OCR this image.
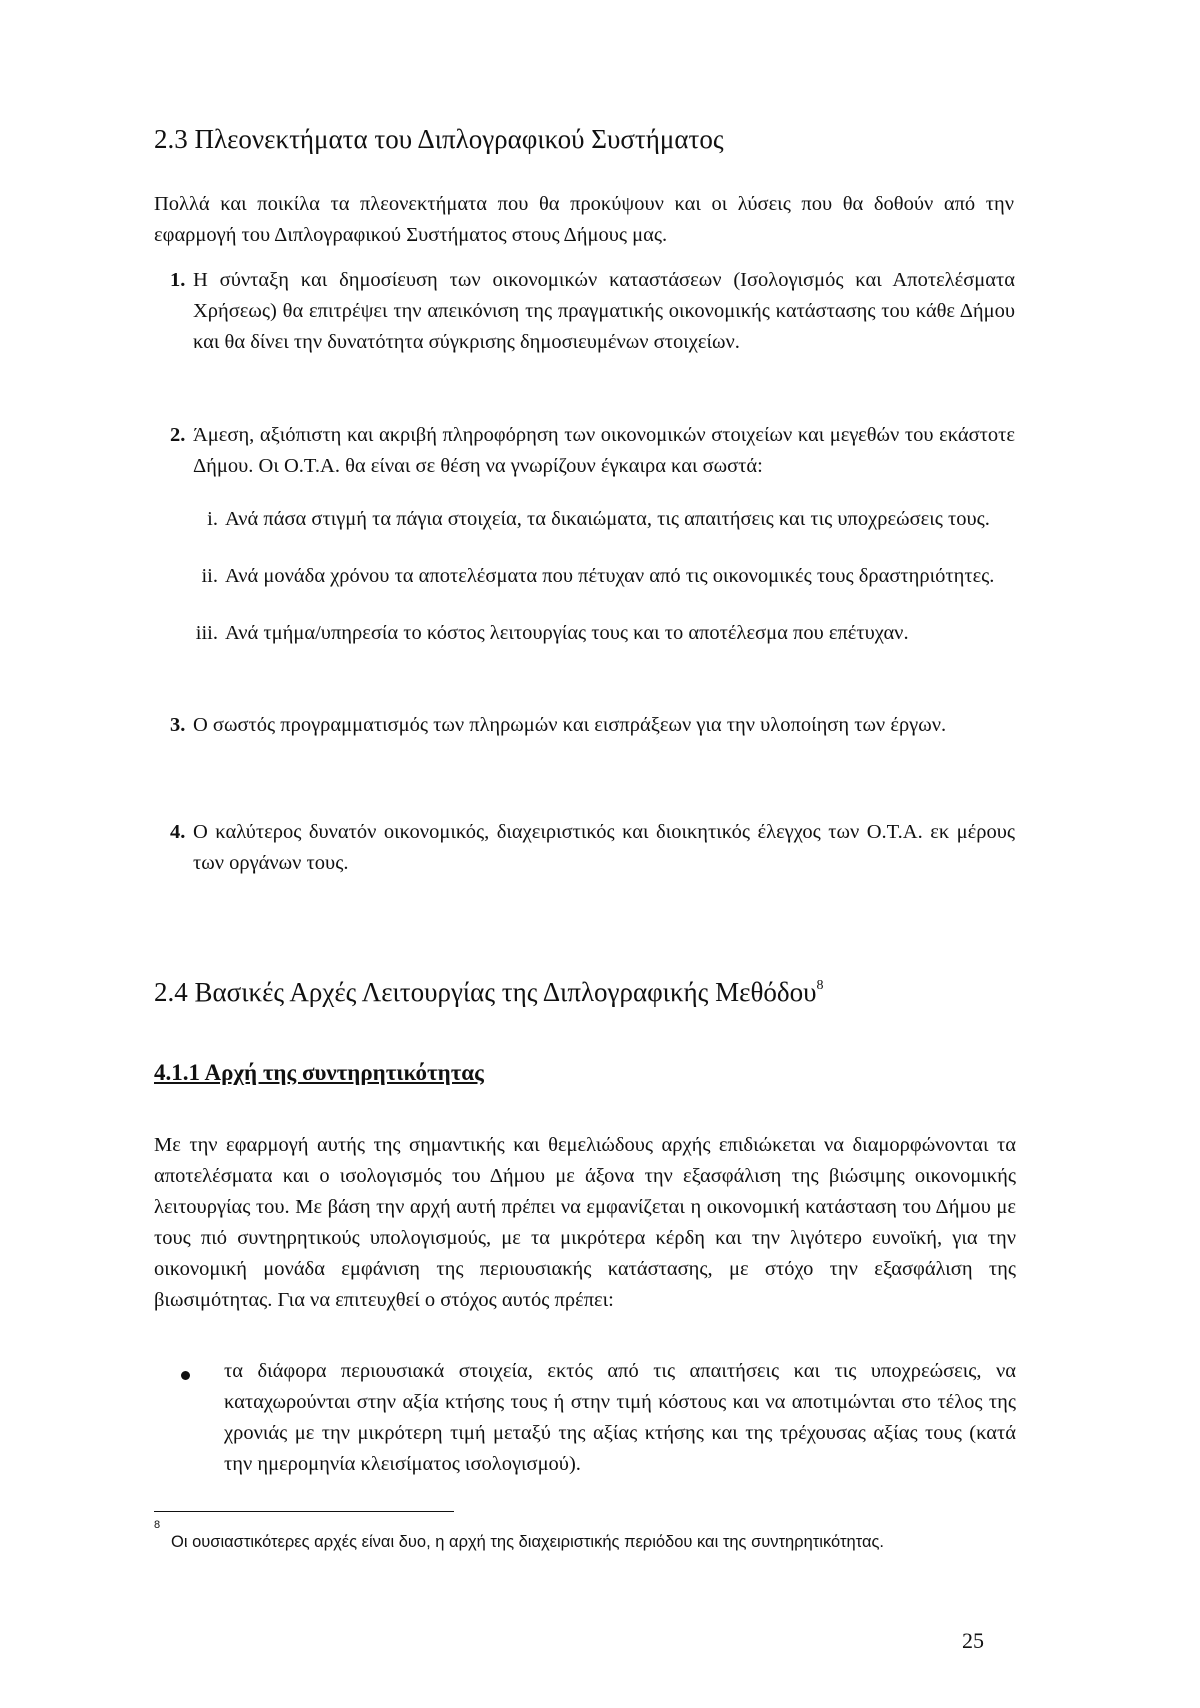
2.3 Πλεονεκτήματα του Διπλογραφικού Συστήματος

Πολλά και ποικίλα τα πλεονεκτήματα που θα προκύψουν και οι λύσεις που θα δοθούν από την εφαρμογή του Διπλογραφικού Συστήματος στους Δήμους μας.

1. Η σύνταξη και δημοσίευση των οικονομικών καταστάσεων (Ισολογισμός και Αποτελέσματα Χρήσεως) θα επιτρέψει την απεικόνιση της πραγματικής οικονομικής κατάστασης του κάθε Δήμου και θα δίνει την δυνατότητα σύγκρισης δημοσιευμένων στοιχείων.

2. Άμεση, αξιόπιστη και ακριβή πληροφόρηση των οικονομικών στοιχείων και μεγεθών του εκάστοτε Δήμου. Οι Ο.Τ.Α. θα είναι σε θέση να γνωρίζουν έγκαιρα και σωστά:

i. Ανά πάσα στιγμή τα πάγια στοιχεία, τα δικαιώματα, τις απαιτήσεις και τις υποχρεώσεις τους.

ii. Ανά μονάδα χρόνου τα αποτελέσματα που πέτυχαν από τις οικονομικές τους δραστηριότητες.

iii. Ανά τμήμα/υπηρεσία το κόστος λειτουργίας τους και το αποτέλεσμα που επέτυχαν.

3. Ο σωστός προγραμματισμός των πληρωμών και εισπράξεων για την υλοποίηση των έργων.

4. Ο καλύτερος δυνατόν οικονομικός, διαχειριστικός και διοικητικός έλεγχος των Ο.Τ.Α. εκ μέρους των οργάνων τους.

2.4 Βασικές Αρχές Λειτουργίας της Διπλογραφικής Μεθόδου$^8$
4.1.1 Αρχή της συντηρητικότητας

Με την εφαρμογή αυτής της σημαντικής και θεμελιώδους αρχής επιδιώκεται να διαμορφώνονται τα αποτελέσματα και ο ισολογισμός του Δήμου με άξονα την εξασφάλιση της βιώσιμης οικονομικής λειτουργίας του. Με βάση την αρχή αυτή πρέπει να εμφανίζεται η οικονομική κατάσταση του Δήμου με τους πιό συντηρητικούς υπολογισμούς, με τα μικρότερα κέρδη και την λιγότερο ευνοϊκή, για την οικονομική μονάδα εμφάνιση της περιουσιακής κατάστασης, με στόχο την εξασφάλιση της βιωσιμότητας. Για να επιτευχθεί ο στόχος αυτός πρέπει:

τα διάφορα περιουσιακά στοιχεία, εκτός από τις απαιτήσεις και τις υποχρεώσεις, να καταχωρούνται στην αξία κτήσης τους ή στην τιμή κόστους και να αποτιμώνται στο τέλος της χρονιάς με την μικρότερη τιμή μεταξύ της αξίας κτήσης και της τρέχουσας αξίας τους (κατά την ημερομηνία κλεισίματος ισολογισμού).

8

Οι ουσιαστικότερες αρχές είναι δυο, η αρχή της διαχειριστικής περιόδου και της συντηρητικότητας.

25
